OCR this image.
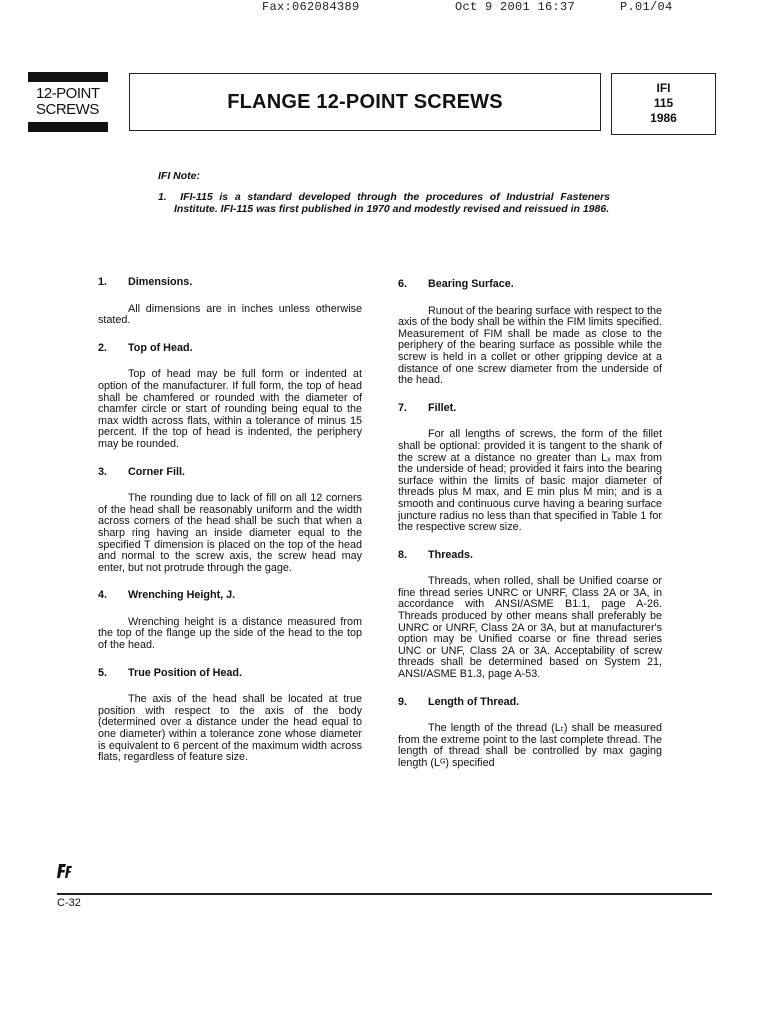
Fax:062084389	Oct 9 2001 16:37	P.01/04
12-POINT
SCREWS	FLANGE 12-POINT SCREWS
IFI
115
1986
IFI Note:
1. IFI-115 is a standard developed through the procedures of Industrial Fasteners Institute. IFI-115 was first published in 1970 and modestly revised and reissued in 1986.
1.	Dimensions.

All dimensions are in inches unless otherwise stated.

2.	Top of Head.

Top of head may be full form or indented at option of the manufacturer. If full form, the top of head shall be chamfered or rounded with the diameter of chamfer circle or start of rounding being equal to the max width across flats, within a tolerance of minus 15 percent. If the top of head is indented, the periphery may be rounded.

3.	Corner Fill.

The rounding due to lack of fill on all 12 corners of the head shall be reasonably uniform and the width across corners of the head shall be such that when a sharp ring having an inside diameter equal to the specified T dimension is placed on the top of the head and normal to the screw axis, the screw head may enter, but not protrude through the gage.

4.	Wrenching Height, J.

Wrenching height is a distance measured from the top of the flange up the side of the head to the top of the head.

5.	True Position of Head.

The axis of the head shall be located at true position with respect to the axis of the body (determined over a distance under the head equal to one diameter) within a tolerance zone whose diameter is equivalent to 6 percent of the maximum width across flats, regardless of feature size.

6.	Bearing Surface.

Runout of the bearing surface with respect to the axis of the body shall be within the FIM limits specified. Measurement of FIM shall be made as close to the periphery of the bearing surface as possible while the screw is held in a collet or other gripping device at a distance of one screw diameter from the underside of the head.

7.	Fillet.

For all lengths of screws, the form of the fillet shall be optional: provided it is tangent to the shank of the screw at a distance no greater than Lₓ max from the underside of head; provided it fairs into the bearing surface within the limits of basic major diameter of threads plus M max, and E min plus M min; and is a smooth and continuous curve having a bearing surface juncture radius no less than that specified in Table 1 for the respective screw size.

8.	Threads.

Threads, when rolled, shall be Unified coarse or fine thread series UNRC or UNRF, Class 2A or 3A, in accordance with ANSI/ASME B1.1, page A-26. Threads produced by other means shall preferably be UNRC or UNRF, Class 2A or 3A, but at manufacturer's option may be Unified coarse or fine thread series UNC or UNF, Class 2A or 3A. Acceptability of screw threads shall be determined based on System 21, ANSI/ASME B1.3, page A-53.

9.	Length of Thread.

The length of the thread (Lₜ) shall be measured from the extreme point to the last complete thread. The length of thread shall be controlled by max gaging length (Lᴳ) specified

C-32
